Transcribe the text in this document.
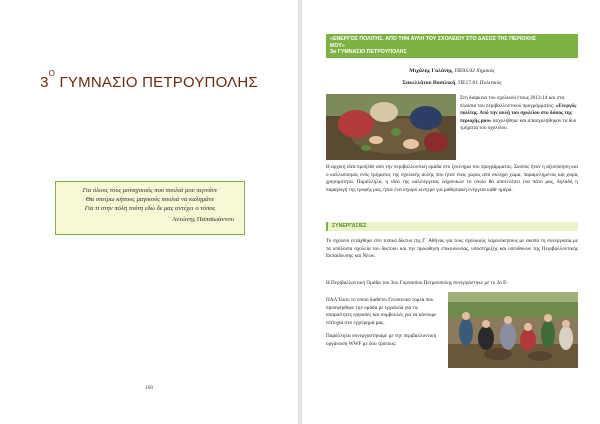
$3^O$ ΓΥΜΝΑΣΙΟ ΠΕΤΡΟΥΠΟΛΗΣ
Για όλους τους μοναχικούς που πουλιά μου περνάνε
Θα σπείρω κήπους μαγικούς πουλιά να καλημάνε
Για τι στην πόλη τούτη εδώ δε μας αντέχει ο τόπος
Αντώνης Παπαϊωάννου
160
«ΕΝΕΡΓΟΣ ΠΟΛΙΤΗΣ. ΑΠΟ ΤΗΝ ΑΥΛΗ ΤΟΥ ΣΧΟΛΕΙΟΥ ΣΤΟ ΔΑΣΟΣ ΤΗΣ ΠΕΡΙΟΧΗΣ
ΜΟΥ»
3ο ΓΥΜΝΑΣΙΟ ΠΕΤΡΟΥΠΟΛΗΣ
Μιχάλης Γαλάνης, ΠΕ04.02 Χημικός
Σακελλάτου Βασιλική, ΠΕ17.01 Πολιτικός
Στη διάρκεια του σχολικού έτους 2013-14 και στα πλαίσια του περιβαλλοντικού προγράμματος: «Ενεργός πολίτης. Από την αυλή του σχολείου στο δάσος της περιοχής μου» ασχολήθηκε και απασχολήθηκαν τα δυο τμήματα του σχολείου.
Η αρχική ιδέα προήλθε από την περιβαλλοντική ομάδα στο ξεκίνημα του προγράμματος. Σκοπός ήταν η αξιοποίηση και ο καλλωπισμός ενός τμήματος της σχολικής αυλής που ήταν ένας χώρος από σκληρό χώμα, παραμελημένος και χωρίς χρησιμότητα. Παράλληλα, η ιδέα της καλλιέργειας λαχανικών το οποίο θα αποτελέσει ένα πάτο μας, δηλαδή η παραγωγή της τροφής μας, ήταν ένα ισχυρό κίνητρο για μαθησιακή ενέργεια κάθε ημέρα.
ΣΥΝΕΡΓΑΣΙΕΣ
Το σχολείο εντάχθηκε στο τοπικό δίκτυο της Γ΄ Αθήνας για τους σχολικούς λαχανόκηπους με σκοπό τη συνεργασία με τα υπόλοιπα σχολεία του δικτύου και την προώθηση επικοινωνίας, υποστήριξης και υπεύθυνων της Περιβαλλοντικής Εκπαίδευσης και Νέων.
Η Περιβαλλοντική Ομάδα του 3ου Γυμνασίου Πετρούπολης συνεργάστηκε με το 2ο Ε-
ΠΑΛ Ίλιου το οποίο διαθέτει Γεωπονικό τομέα που προσφέρθηκε την ομάδα με εργαλεία για τις απαραίτητες εργασίες και συμβουλές για να κάνουμε επιτυχία στο εγχείρημά μας.
Παράλληλα συνεργαστήκαμε με την περιβαλλοντική οργάνωση WWF με δύο τρόπους:
